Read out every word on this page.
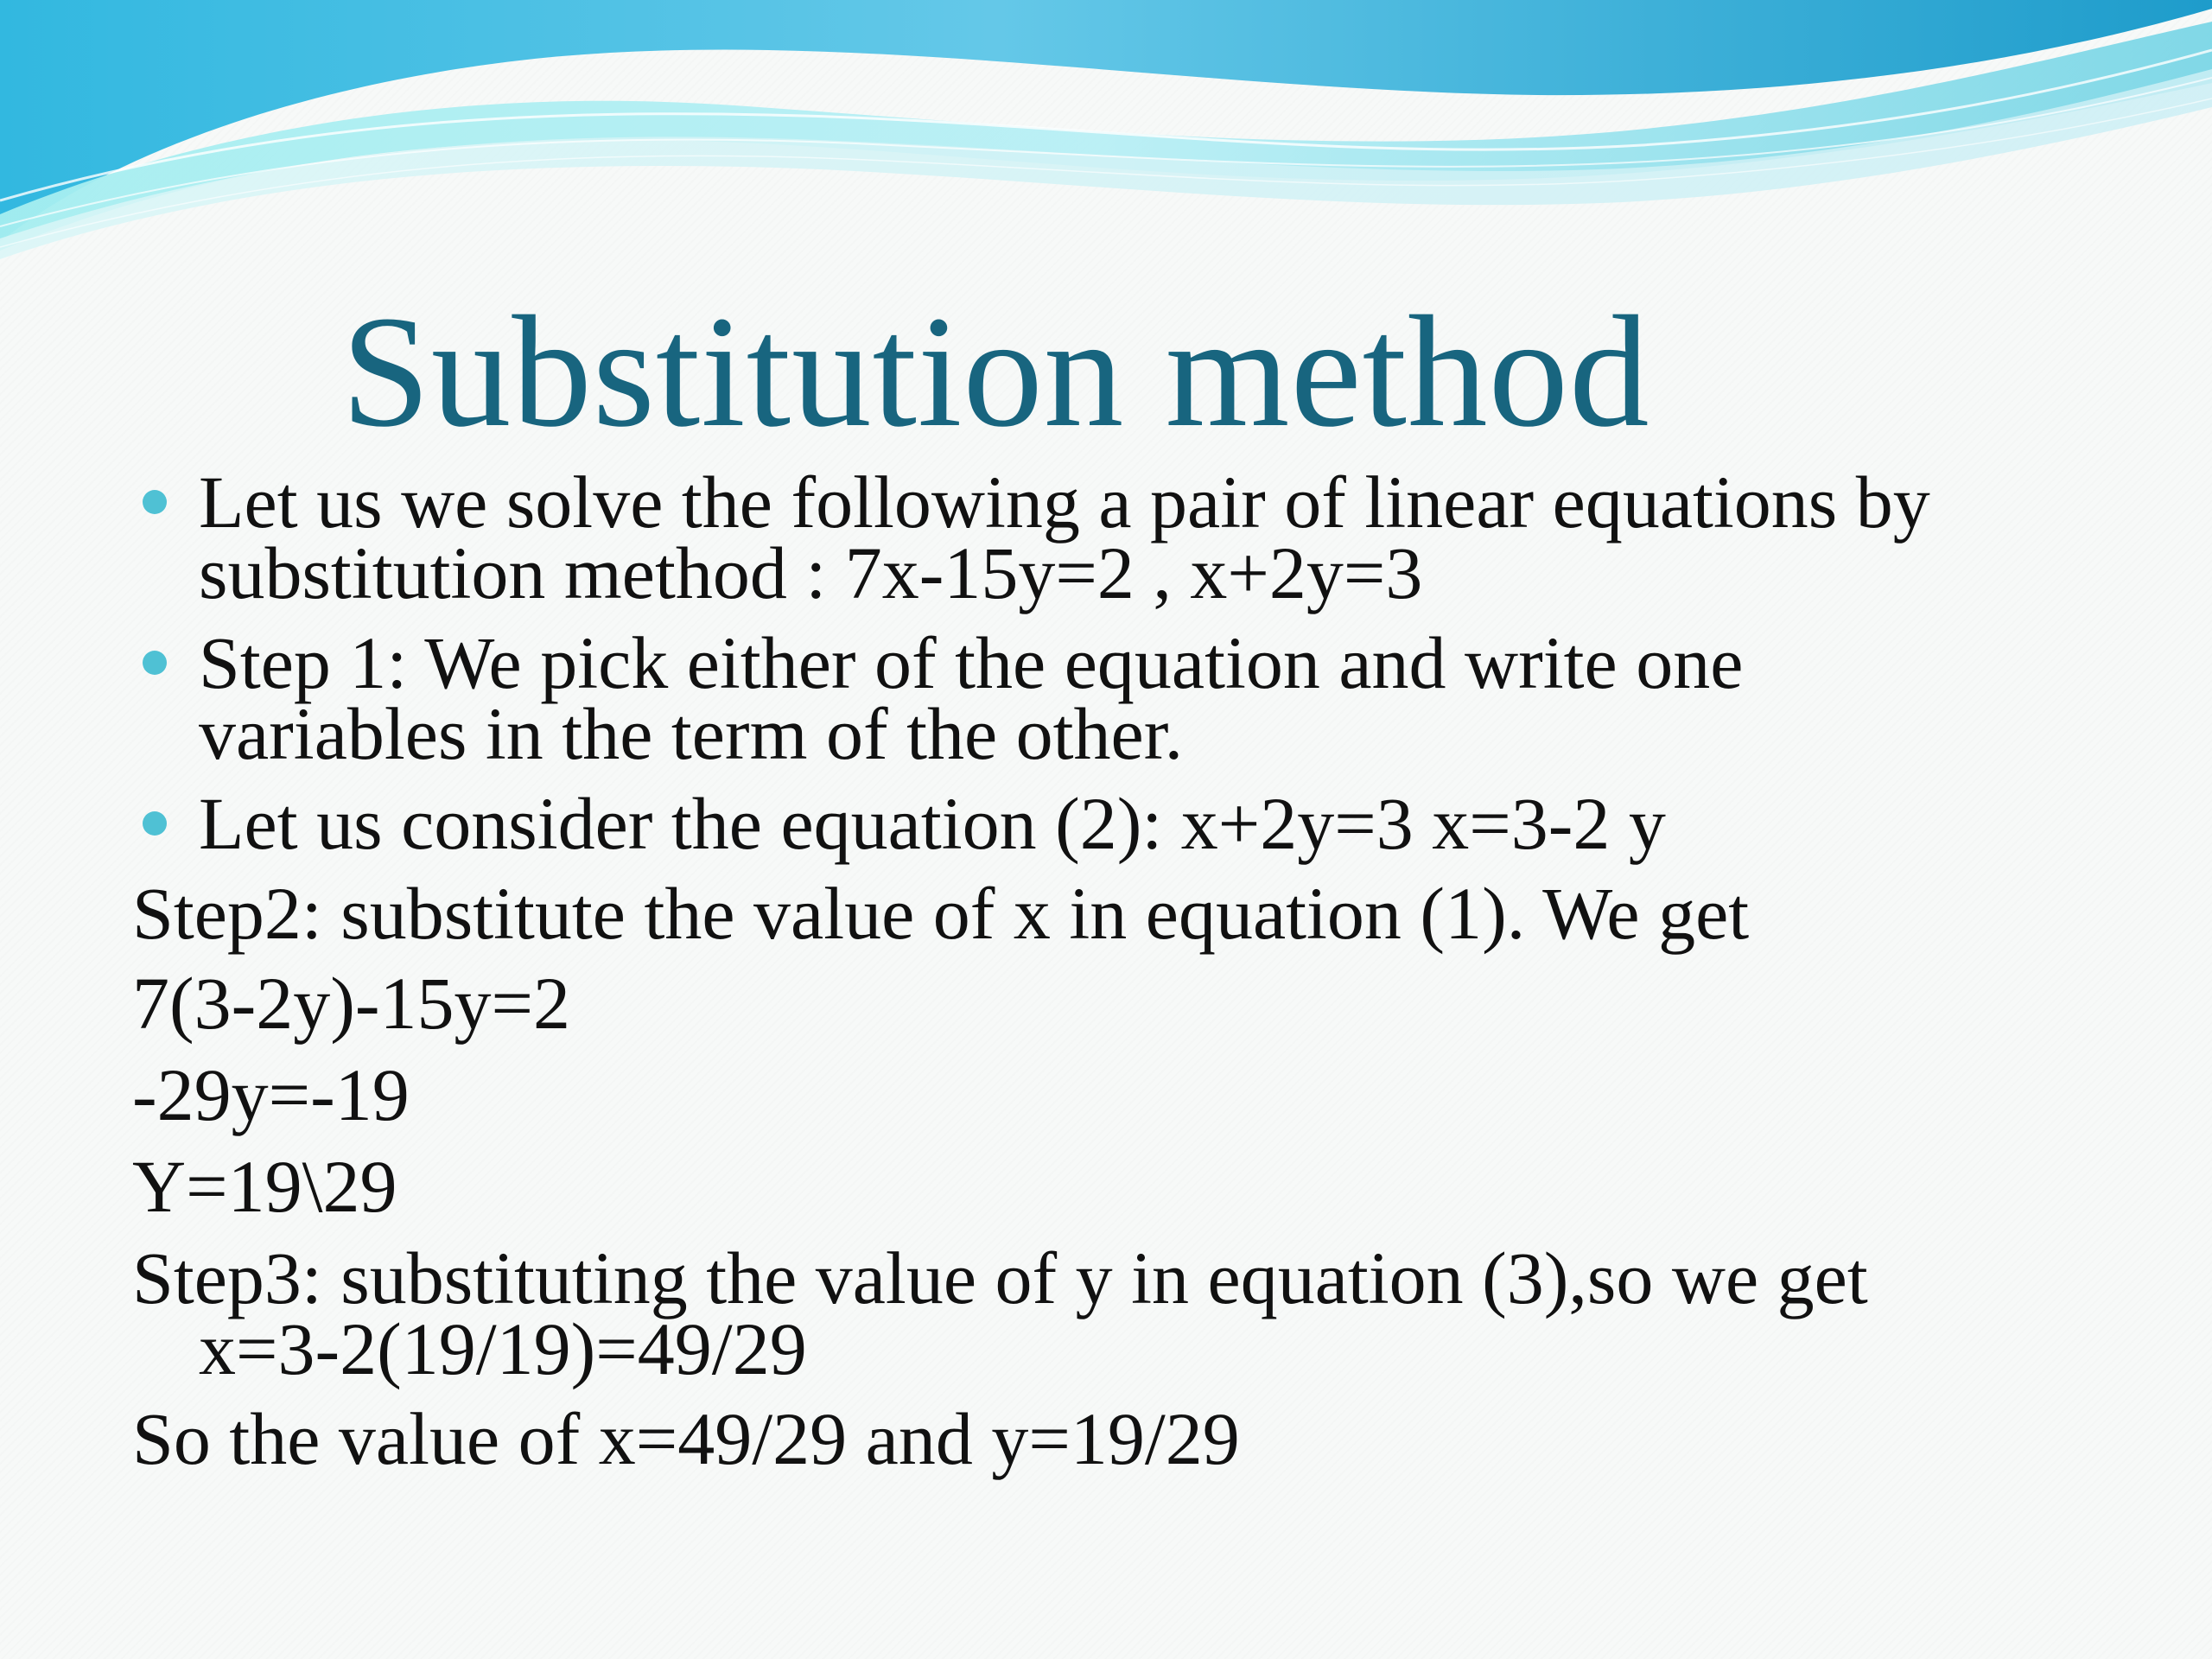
Substitution method
Let us we solve the following a pair of linear equations by
substitution method : 7x-15y=2 , x+2y=3
Step 1: We pick either of the equation and write one
variables in the term of the other.
Let us consider the equation (2): x+2y=3 x=3-2 y
Step2: substitute the value of x in equation (1). We get
7(3-2y)-15y=2
-29y=-19
Y=19\29
Step3: substituting the value of y in equation (3),so we get
x=3-2(19/19)=49/29
So the value of x=49/29 and y=19/29
